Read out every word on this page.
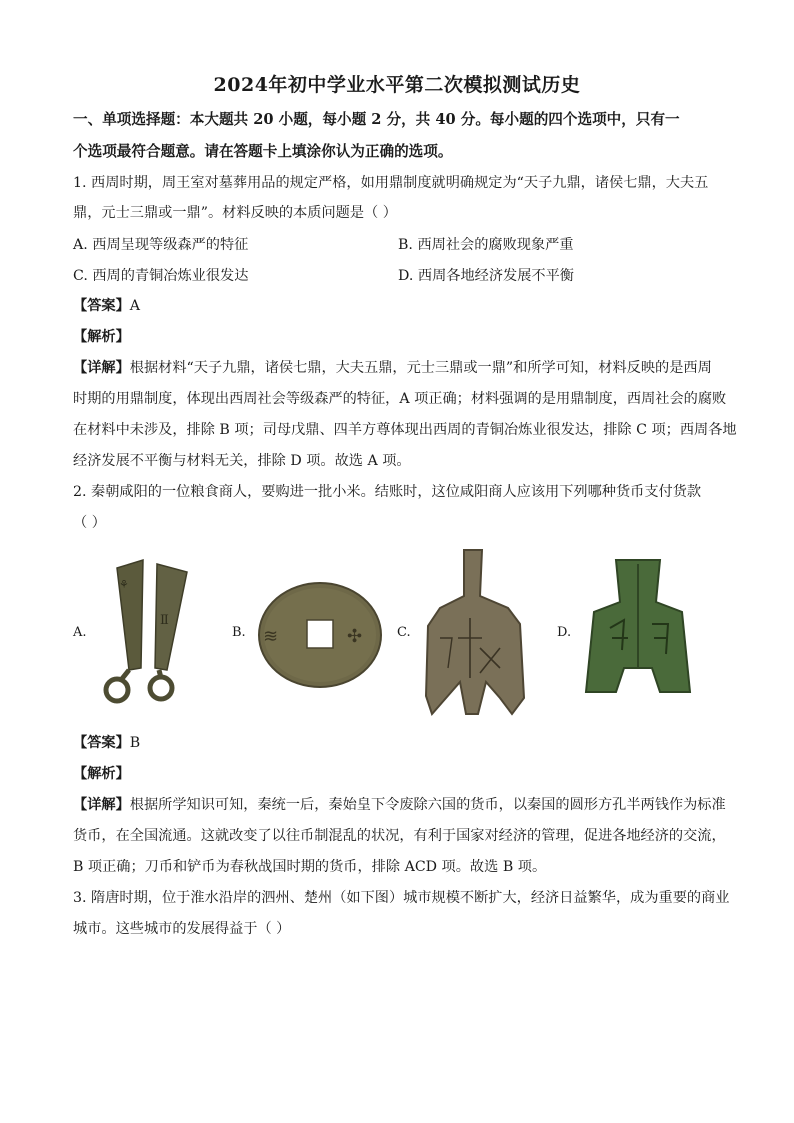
2024年初中学业水平第二次模拟测试历史
一、单项选择题：本大题共 20 小题，每小题 2 分，共 40 分。每小题的四个选项中，只有一
个选项最符合题意。请在答题卡上填涂你认为正确的选项。
1. 西周时期，周王室对墓葬用品的规定严格，如用鼎制度就明确规定为“天子九鼎，诸侯七鼎，大夫五
鼎，元士三鼎或一鼎”。材料反映的本质问题是（ ）
A. 西周呈现等级森严的特征	B. 西周社会的腐败现象严重
C. 西周的青铜冶炼业很发达	D. 西周各地经济发展不平衡
【答案】A
【解析】
【详解】根据材料“天子九鼎，诸侯七鼎，大夫五鼎，元士三鼎或一鼎”和所学可知，材料反映的是西周
时期的用鼎制度，体现出西周社会等级森严的特征，A 项正确；材料强调的是用鼎制度，西周社会的腐败
在材料中未涉及，排除 B 项；司母戊鼎、四羊方尊体现出西周的青铜冶炼业很发达，排除 C 项；西周各地
经济发展不平衡与材料无关，排除 D 项。故选 A 项。
2. 秦朝咸阳的一位粮食商人，要购进一批小米。结账时，这位咸阳商人应该用下列哪种货币支付货款
（ ）
A.
⚘
Ⅱ
B. ≋	✣	C.	D.
【答案】B
【解析】
【详解】根据所学知识可知，秦统一后，秦始皇下令废除六国的货币，以秦国的圆形方孔半两钱作为标准
货币，在全国流通。这就改变了以往币制混乱的状况，有利于国家对经济的管理，促进各地经济的交流，
B 项正确；刀币和铲币为春秋战国时期的货币，排除 ACD 项。故选 B 项。
3. 隋唐时期，位于淮水沿岸的泗州、楚州（如下图）城市规模不断扩大，经济日益繁华，成为重要的商业
城市。这些城市的发展得益于（ ）
